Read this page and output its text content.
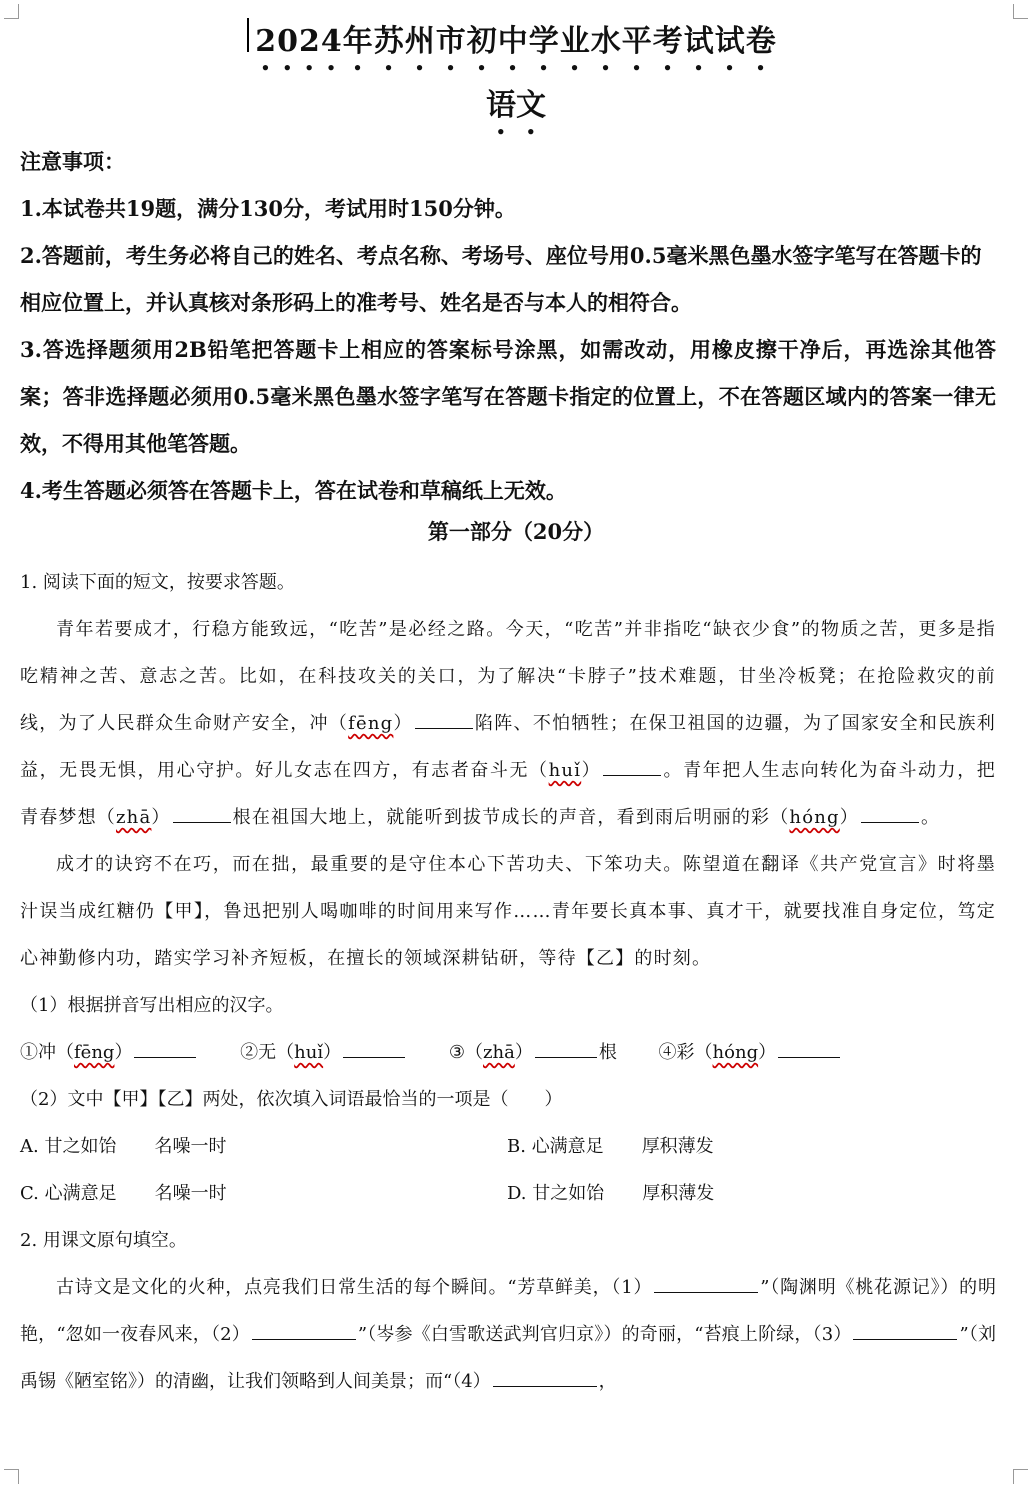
2024年苏州市初中学业水平考试试卷
语文

注意事项：

1.本试卷共19题，满分130分，考试用时150分钟。

2.答题前，考生务必将自己的姓名、考点名称、考场号、座位号用0.5毫米黑色墨水签字笔写在答题卡的相应位置上，并认真核对条形码上的准考号、姓名是否与本人的相符合。

3.答选择题须用2B铅笔把答题卡上相应的答案标号涂黑，如需改动，用橡皮擦干净后，再选涂其他答案；答非选择题必须用0.5毫米黑色墨水签字笔写在答题卡指定的位置上，不在答题区域内的答案一律无效，不得用其他笔答题。

4.考生答题必须答在答题卡上，答在试卷和草稿纸上无效。

第一部分（20分）

1. 阅读下面的短文，按要求答题。

青年若要成才，行稳方能致远，“吃苦”是必经之路。今天，“吃苦”并非指吃“缺衣少食”的物质之苦，更多是指吃精神之苦、意志之苦。比如，在科技攻关的关口，为了解决“卡脖子”技术难题，甘坐冷板凳；在抢险救灾的前线，为了人民群众生命财产安全，冲（fēng）	陷阵、不怕牺牲；在保卫祖国的边疆，为了国家安全和民族利益，无畏无惧，用心守护。好儿女志在四方，有志者奋斗无（huǐ）	。青年把人生志向转化为奋斗动力，把青春梦想（zhā）	根在祖国大地上，就能听到拔节成长的声音，看到雨后明丽的彩（hóng）	。

成才的诀窍不在巧，而在拙，最重要的是守住本心下苦功夫、下笨功夫。陈望道在翻译《共产党宣言》时将墨汁误当成红糖仍【甲】，鲁迅把别人喝咖啡的时间用来写作……青年要长真本事、真才干，就要找准自身定位，笃定心神勤修内功，踏实学习补齐短板，在擅长的领域深耕钻研，等待【乙】的时刻。

（1）根据拼音写出相应的汉字。

①冲（fēng）	②无（huǐ）	③（zhā）	根 ④彩（hóng）

（2）文中【甲】【乙】两处，依次填入词语最恰当的一项是（　　）

A. 甘之如饴 名噪一时	B. 心满意足 厚积薄发
C. 心满意足 名噪一时	D. 甘之如饴 厚积薄发

2. 用课文原句填空。

古诗文是文化的火种，点亮我们日常生活的每个瞬间。“芳草鲜美，（1）	”（陶渊明《桃花源记》）的明艳，“忽如一夜春风来，（2）	”（岑参《白雪歌送武判官归京》）的奇丽，“苔痕上阶绿，（3）	”（刘禹锡《陋室铭》）的清幽，让我们领略到人间美景；而“（4）	，
